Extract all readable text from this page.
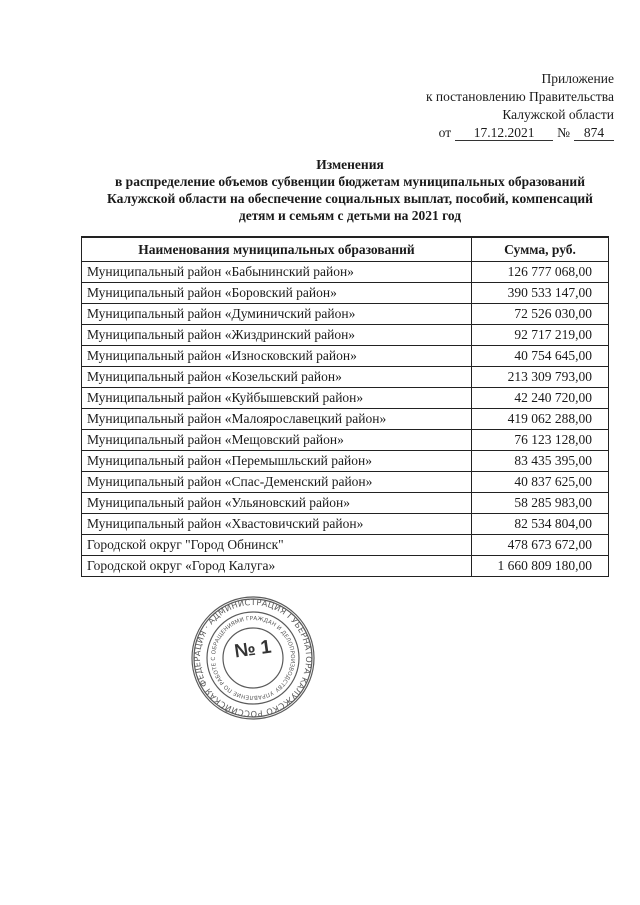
Приложение
к постановлению Правительства
Калужской области
от	17.12.2021	№	874
Изменения
в распределение объемов субвенции бюджетам муниципальных образований
Калужской области на обеспечение социальных выплат, пособий, компенсаций
детям и семьям с детьми на 2021 год
Наименования муниципальных образований	Сумма, руб.
Муниципальный район «Бабынинский район»	126 777 068,00
Муниципальный район «Боровский район»	390 533 147,00
Муниципальный район «Думиничский район»	72 526 030,00
Муниципальный район «Жиздринский район»	92 717 219,00
Муниципальный район «Износковский район»	40 754 645,00
Муниципальный район «Козельский район»	213 309 793,00
Муниципальный район «Куйбышевский район»	42 240 720,00
Муниципальный район «Малоярославецкий район»	419 062 288,00
Муниципальный район «Мещовский район»	76 123 128,00
Муниципальный район «Перемышльский район»	83 435 395,00
Муниципальный район «Спас-Деменский район»	40 837 625,00
Муниципальный район «Ульяновский район»	58 285 983,00
Муниципальный район «Хвастовичский район»	82 534 804,00
Городской округ "Город Обнинск"	478 673 672,00
Городской округ «Город Калуга»	1 660 809 180,00
РОССИЙСКАЯ ФЕДЕРАЦИЯ · АДМИНИСТРАЦИЯ ГУБЕРНАТОРА КАЛУЖСКОЙ
УПРАВЛЕНИЕ ПО РАБОТЕ С ОБРАЩЕНИЯМИ ГРАЖДАН И ДЕЛОПРОИЗВОДСТВУ
№ 1
